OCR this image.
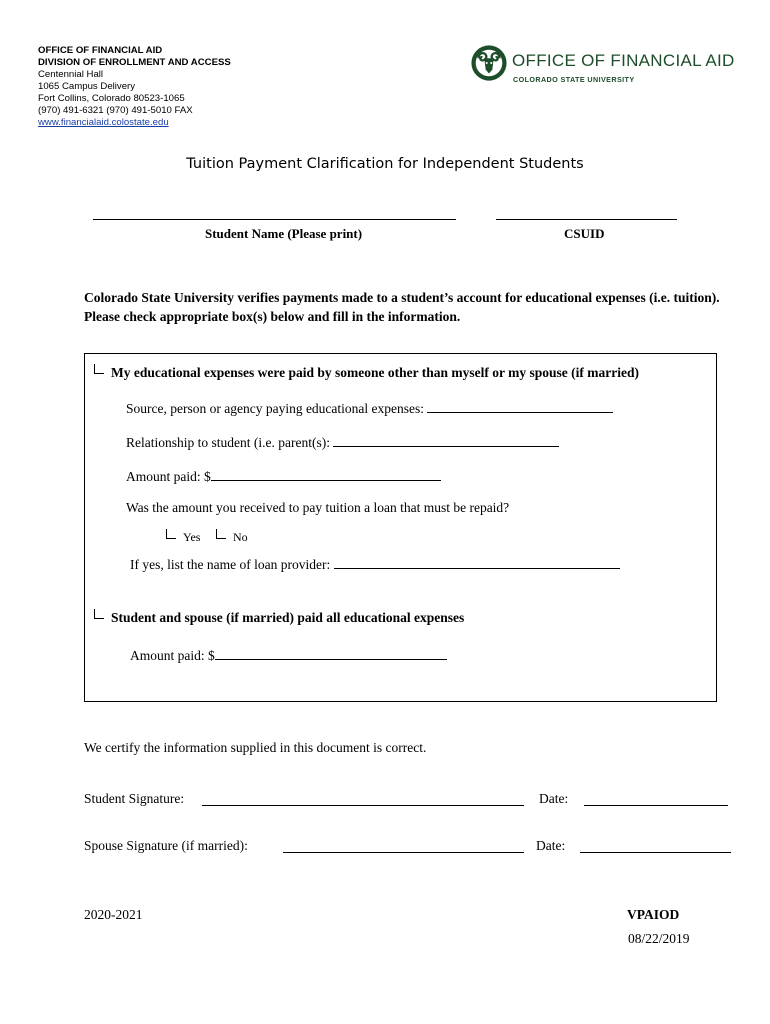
OFFICE OF FINANCIAL AID
DIVISION OF ENROLLMENT AND ACCESS
Centennial Hall
1065 Campus Delivery
Fort Collins, Colorado 80523-1065
(970) 491-6321 (970) 491-5010 FAX
www.financialaid.colostate.edu
OFFICE OF FINANCIAL AID
COLORADO STATE UNIVERSITY
Tuition Payment Clarification for Independent Students
Student Name (Please print)	CSUID
Colorado State University verifies payments made to a student’s account for educational expenses (i.e. tuition). Please check appropriate box(s) below and fill in the information.
My educational expenses were paid by someone other than myself or my spouse (if married)
Source, person or agency paying educational expenses:
Relationship to student (i.e. parent(s):
Amount paid: $
Was the amount you received to pay tuition a loan that must be repaid?
Yes	No
If yes, list the name of loan provider:
Student and spouse (if married) paid all educational expenses
Amount paid: $
We certify the information supplied in this document is correct.
Student Signature:	Date:
Spouse Signature (if married):	Date:
2020-2021	VPAIOD
08/22/2019
